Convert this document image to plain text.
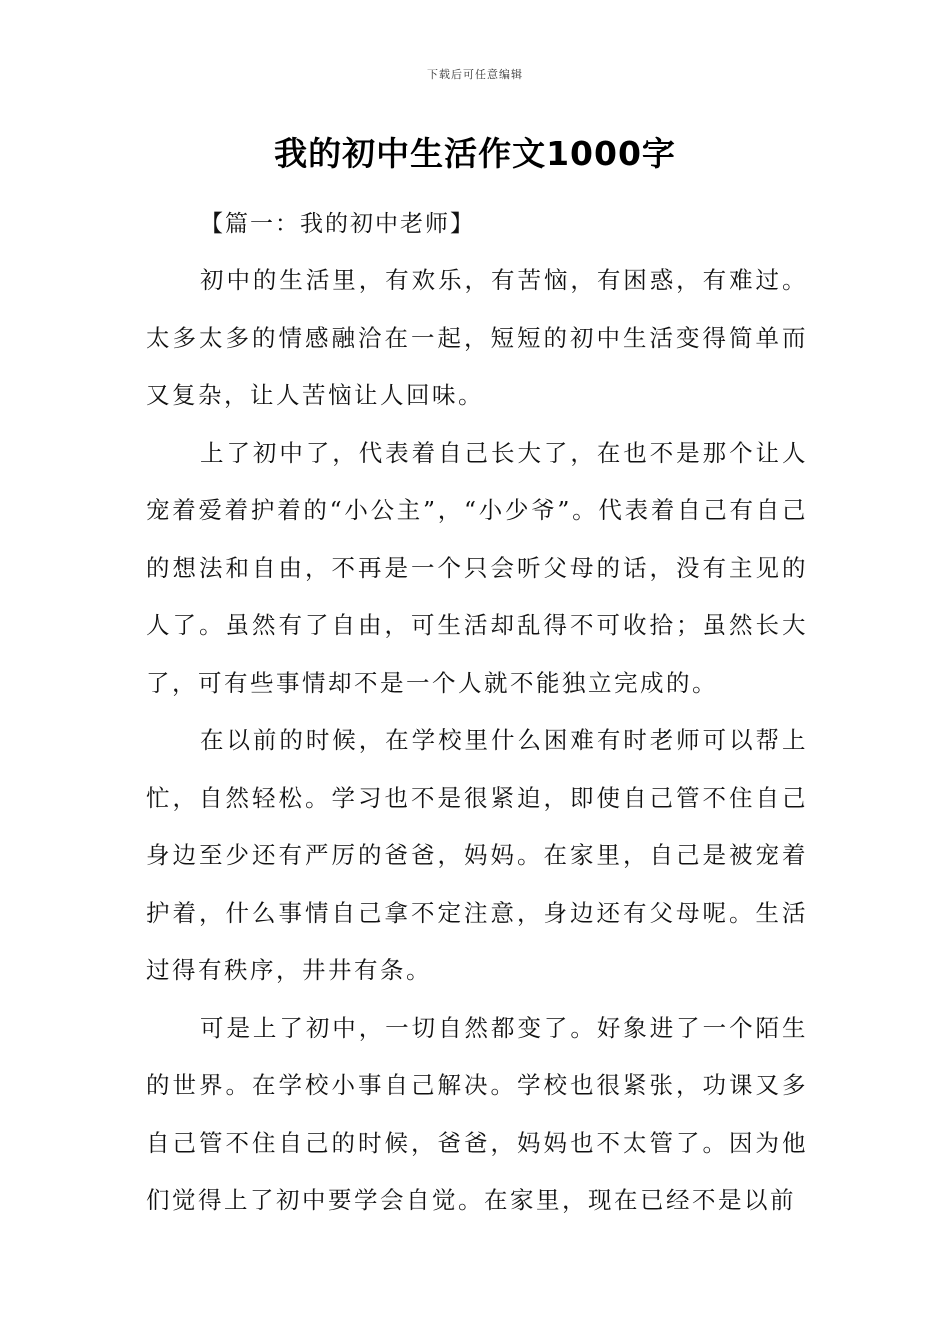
下载后可任意编辑
我的初中生活作文1000字

【篇一：我的初中老师】

初中的生活里，有欢乐，有苦恼，有困惑，有难过。太多太多的情感融洽在一起，短短的初中生活变得简单而又复杂，让人苦恼让人回味。

上了初中了，代表着自己长大了，在也不是那个让人宠着爱着护着的“小公主”，“小少爷”。代表着自己有自己的想法和自由，不再是一个只会听父母的话，没有主见的人了。虽然有了自由，可生活却乱得不可收拾；虽然长大了，可有些事情却不是一个人就不能独立完成的。

在以前的时候，在学校里什么困难有时老师可以帮上忙，自然轻松。学习也不是很紧迫，即使自己管不住自己身边至少还有严厉的爸爸，妈妈。在家里，自己是被宠着护着，什么事情自己拿不定注意，身边还有父母呢。生活过得有秩序，井井有条。

可是上了初中，一切自然都变了。好象进了一个陌生的世界。在学校小事自己解决。学校也很紧张，功课又多自己管不住自己的时候，爸爸，妈妈也不太管了。因为他们觉得上了初中要学会自觉。在家里，现在已经不是以前
